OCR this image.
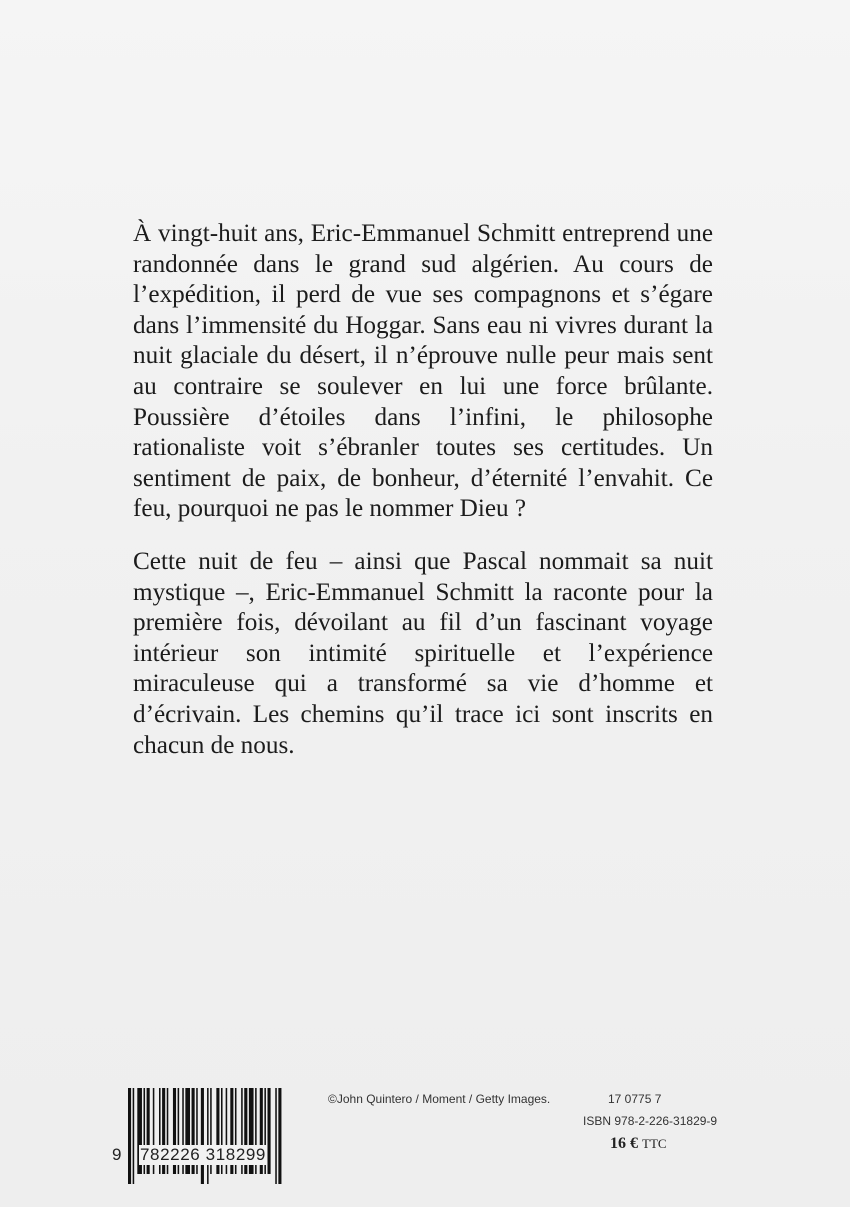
À vingt-huit ans, Eric-Emmanuel Schmitt entreprend une randonnée dans le grand sud algérien. Au cours de l’expédition, il perd de vue ses compagnons et s’égare dans l’immensité du Hoggar. Sans eau ni vivres durant la nuit glaciale du désert, il n’éprouve nulle peur mais sent au contraire se soulever en lui une force brûlante. Poussière d’étoiles dans l’infini, le philosophe rationaliste voit s’ébranler toutes ses certitudes. Un sentiment de paix, de bonheur, d’éternité l’envahit. Ce feu, pourquoi ne pas le nommer Dieu ?

Cette nuit de feu – ainsi que Pascal nommait sa nuit mystique –, Eric-Emmanuel Schmitt la raconte pour la première fois, dévoilant au fil d’un fascinant voyage intérieur son intimité spirituelle et l’expérience miraculeuse qui a transformé sa vie d’homme et d’écrivain. Les chemins qu’il trace ici sont inscrits en chacun de nous.

9 782226 318299
©John Quintero / Moment / Getty Images.	17 0775 7
ISBN 978-2-226-31829-9
16 € TTC
